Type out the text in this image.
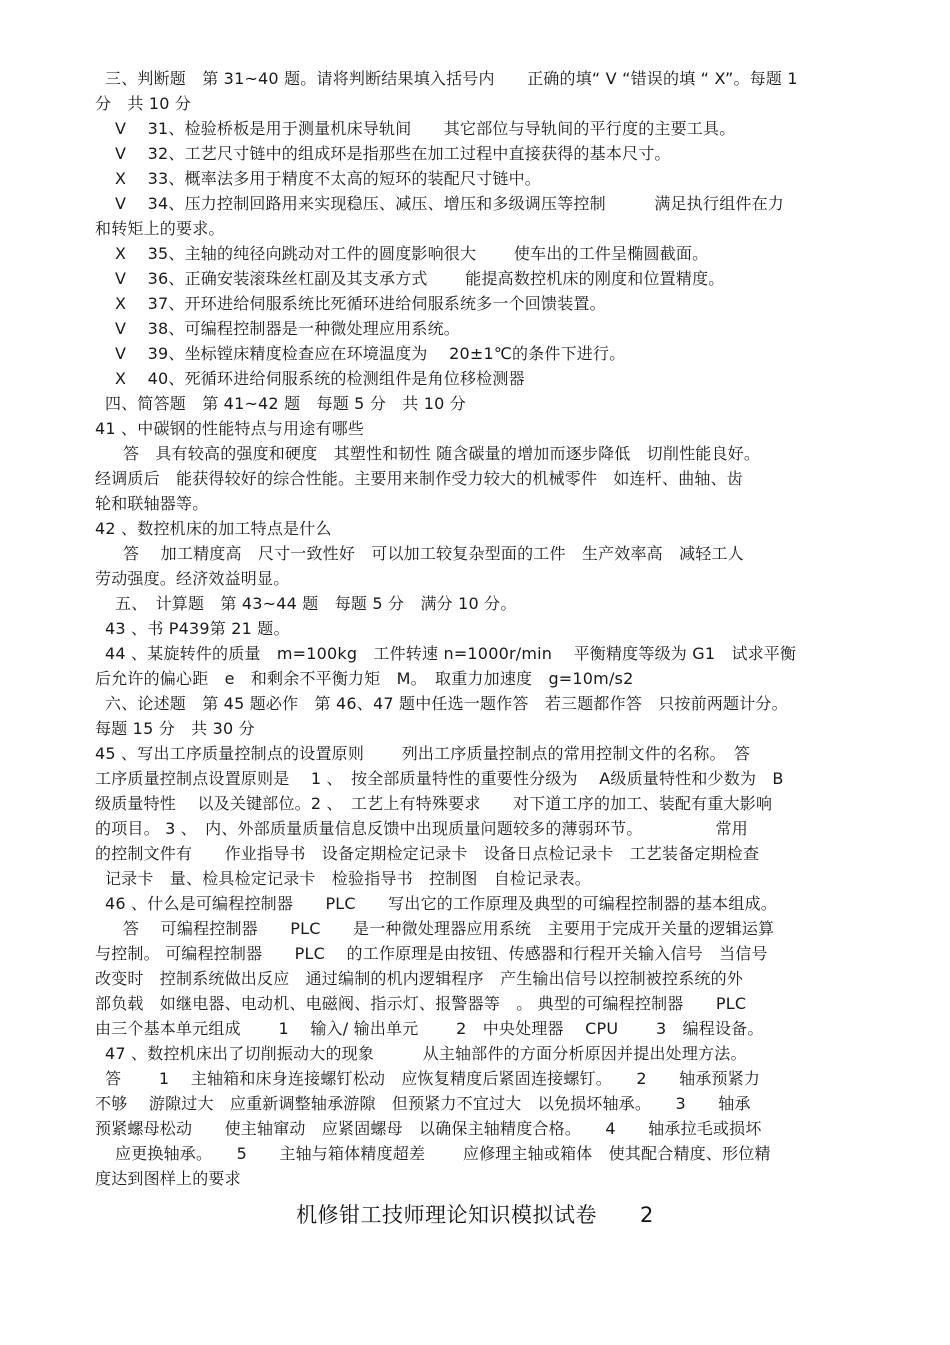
三、判断题　第 31~40 题。请将判断结果填入括号内　　正确的填“ V “错误的填 “ X”。每题 1
分　共 10 分
V　 31、检验桥板是用于测量机床导轨间　　其它部位与导轨间的平行度的主要工具。
V　 32、工艺尺寸链中的组成环是指那些在加工过程中直接获得的基本尺寸。
X　 33、概率法多用于精度不太高的短环的装配尺寸链中。
V　 34、压力控制回路用来实现稳压、减压、增压和多级调压等控制　　　满足执行组件在力
和转矩上的要求。
X　 35、主轴的纯径向跳动对工件的圆度影响很大　　 使车出的工件呈椭圆截面。
V　 36、正确安装滚珠丝杠副及其支承方式　　 能提高数控机床的刚度和位置精度。
X　 37、开环进给伺服系统比死循环进给伺服系统多一个回馈装置。
V　 38、可编程控制器是一种微处理应用系统。
V　 39、坐标镗床精度检查应在环境温度为　 20±1℃的条件下进行。
X　 40、死循环进给伺服系统的检测组件是角位移检测器
四、简答题　第 41~42 题　每题 5 分　共 10 分
41 、中碳钢的性能特点与用途有哪些
答　具有较高的强度和硬度　其塑性和韧性 随含碳量的增加而逐步降低　切削性能良好。
经调质后　能获得较好的综合性能。主要用来制作受力较大的机械零件　如连杆、曲轴、齿
轮和联轴器等。
42 、数控机床的加工特点是什么
答　 加工精度高　尺寸一致性好　可以加工较复杂型面的工件　生产效率高　减轻工人
劳动强度。经济效益明显。
五、　计算题　第 43~44 题　每题 5 分　满分 10 分。
43 、书 P439第 21 题。
44 、某旋转件的质量　m=100kg　工件转速 n=1000r/min　 平衡精度等级为 G1　试求平衡
后允许的偏心距　e　和剩余不平衡力矩　M。　取重力加速度　g=10m/s2
六、论述题　第 45 题必作　第 46、47 题中任选一题作答　若三题都作答　只按前两题计分。
每题 15 分　共 30 分
45 、写出工序质量控制点的设置原则　　 列出工序质量控制点的常用控制文件的名称。　答
工序质量控制点设置原则是　 1 、　按全部质量特性的重要性分级为　 A级质量特性和少数为　B
级质量特性　 以及关键部位。2 、　工艺上有特殊要求　　对下道工序的加工、装配有重大影响
的项目。 3 、　内、外部质量质量信息反馈中出现质量问题较多的薄弱环节。　　　　　常用
的控制文件有　　作业指导书　设备定期检定记录卡　设备日点检记录卡　工艺装备定期检查
记录卡　量、检具检定记录卡　检验指导书　控制图　自检记录表。
46 、什么是可编程控制器　　PLC　　写出它的工作原理及典型的可编程控制器的基本组成。
答　 可编程控制器　　PLC　　是一种微处理器应用系统　主要用于完成开关量的逻辑运算
与控制。 可编程控制器　　PLC　 的工作原理是由按钮、传感器和行程开关输入信号　当信号
改变时　控制系统做出反应　通过编制的机内逻辑程序　产生输出信号以控制被控系统的外
部负载　如继电器、电动机、电磁阀、指示灯、报警器等　。 典型的可编程控制器　　PLC
由三个基本单元组成　　 1　 输入/ 输出单元　　 2　中央处理器　 CPU　　 3　编程设备。
47 、数控机床出了切削振动大的现象　　　从主轴部件的方面分析原因并提出处理方法。
答　　 1　 主轴箱和床身连接螺钉松动　应恢复精度后紧固连接螺钉。　　2　　轴承预紧力
不够　 游隙过大　应重新调整轴承游隙　但预紧力不宜过大　以免损坏轴承。　　3　　轴承
预紧螺母松动　　使主轴窜动　应紧固螺母　以确保主轴精度合格。　　4　　轴承拉毛或损坏
应更换轴承。　　5　　主轴与箱体精度超差　　 应修理主轴或箱体　使其配合精度、形位精
度达到图样上的要求
机修钳工技师理论知识模拟试卷　　2
